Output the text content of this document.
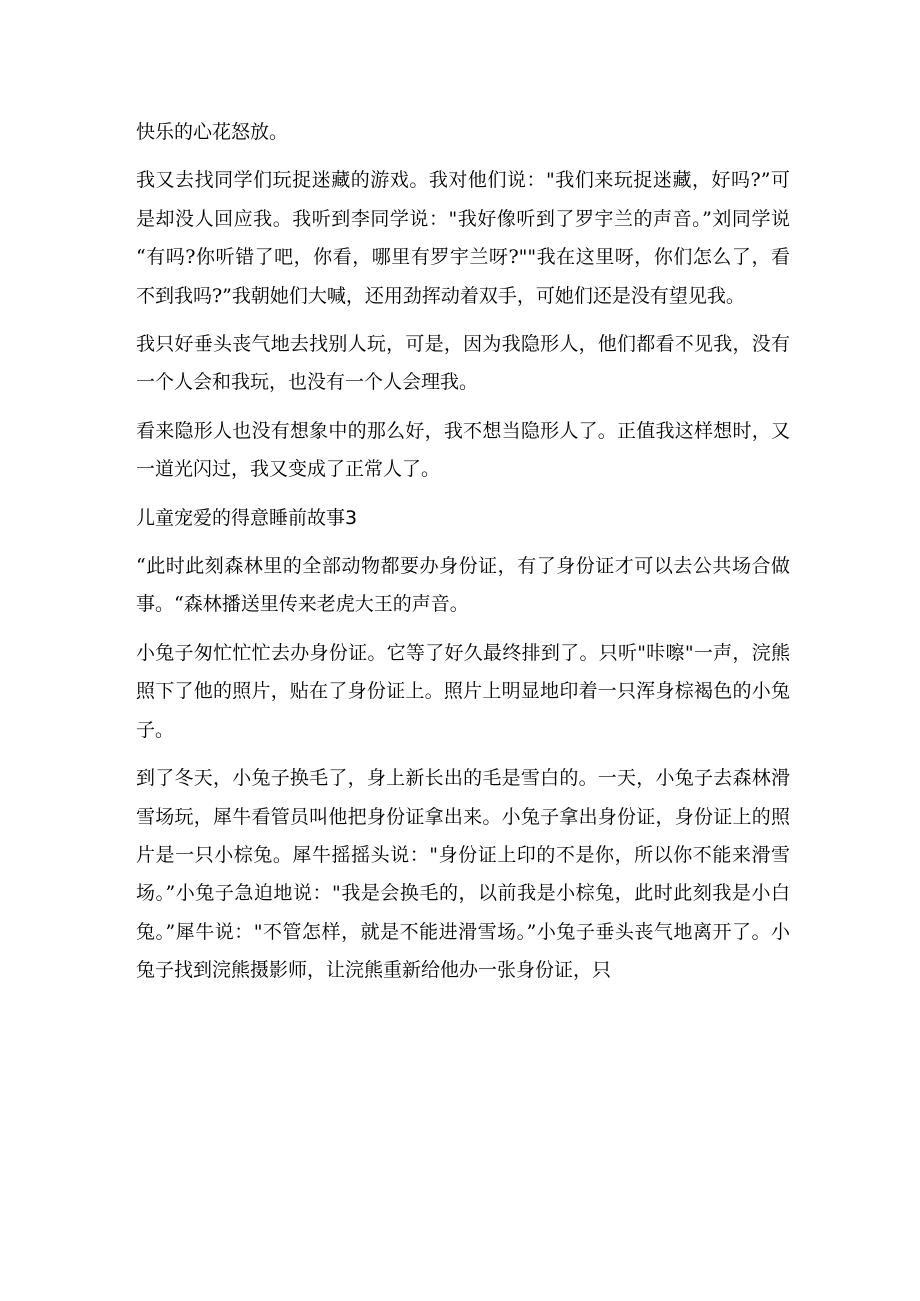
快乐的心花怒放。

我又去找同学们玩捉迷藏的游戏。我对他们说："我们来玩捉迷藏，好吗?”可是却没人回应我。我听到李同学说："我好像听到了罗宇兰的声音。”刘同学说 “有吗?你听错了吧，你看，哪里有罗宇兰呀?""我在这里呀，你们怎么了，看不到我吗?”我朝她们大喊，还用劲挥动着双手，可她们还是没有望见我。

我只好垂头丧气地去找别人玩，可是，因为我隐形人，他们都看不见我，没有一个人会和我玩，也没有一个人会理我。

看来隐形人也没有想象中的那么好，我不想当隐形人了。正值我这样想时，又一道光闪过，我又变成了正常人了。

儿童宠爱的得意睡前故事3

“此时此刻森林里的全部动物都要办身份证，有了身份证才可以去公共场合做事。“森林播送里传来老虎大王的声音。

小兔子匆忙忙忙去办身份证。它等了好久最终排到了。只听"咔嚓"一声，浣熊照下了他的照片，贴在了身份证上。照片上明显地印着一只浑身棕褐色的小兔子。

到了冬天，小兔子换毛了，身上新长出的毛是雪白的。一天，小兔子去森林滑雪场玩，犀牛看管员叫他把身份证拿出来。小兔子拿出身份证，身份证上的照片是一只小棕兔。犀牛摇摇头说："身份证上印的不是你，所以你不能来滑雪场。”小兔子急迫地说："我是会换毛的，以前我是小棕兔，此时此刻我是小白兔。”犀牛说："不管怎样，就是不能进滑雪场。”小兔子垂头丧气地离开了。小兔子找到浣熊摄影师，让浣熊重新给他办一张身份证，只
